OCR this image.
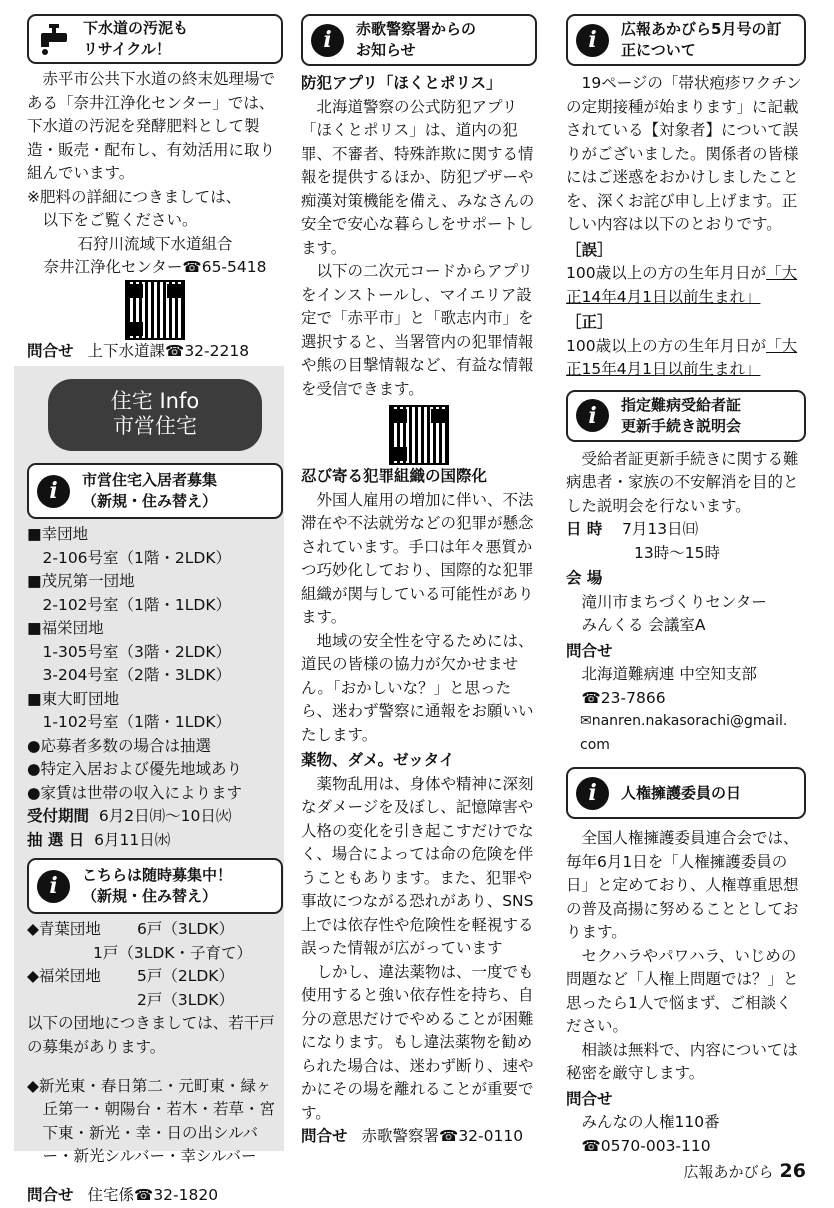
下水道の汚泥も
リサイクル！

赤平市公共下水道の終末処理場である「奈井江浄化センター」では、下水道の汚泥を発酵肥料として製造・販売・配布し、有効活用に取り組んでいます。

※肥料の詳細につきましては、

以下をご覧ください。

石狩川流域下水道組合

奈井江浄化センター☎65-5418

問合せ 上下水道課☎32-2218
住宅 Info
市営住宅
i	市営住宅入居者募集
（新規・住み替え）

■幸団地

2-106号室（1階・2LDK）

■茂尻第一団地

2-102号室（1階・1LDK）

■福栄団地

1-305号室（3階・2LDK）

3-204号室（2階・3LDK）

■東大町団地

1-102号室（1階・1LDK）

●応募者多数の場合は抽選

●特定入居および優先地域あり

●家賃は世帯の収入によります

受付期間 6月2日㈪〜10日㈫
抽 選 日 6月11日㈬
i	こちらは随時募集中！
（新規・住み替え）
◆青葉団地	6戸（3LDK）

1戸（3LDK・子育て）

◆福栄団地	5戸（2LDK）

2戸（3LDK）

以下の団地につきましては、若干戸の募集があります。

◆新光東・春日第二・元町東・緑ヶ丘第一・朝陽台・若木・若草・宮下東・新光・幸・日の出シルバー・新光シルバー・幸シルバー

問合せ 住宅係☎32-1820
i	赤歌警察署からの
お知らせ
防犯アプリ「ほくとポリス」

北海道警察の公式防犯アプリ「ほくとポリス」は、道内の犯罪、不審者、特殊詐欺に関する情報を提供するほか、防犯ブザーや痴漢対策機能を備え、みなさんの安全で安心な暮らしをサポートします。

以下の二次元コードからアプリをインストールし、マイエリア設定で「赤平市」と「歌志内市」を選択すると、当署管内の犯罪情報や熊の目撃情報など、有益な情報を受信できます。

忍び寄る犯罪組織の国際化

外国人雇用の増加に伴い、不法滞在や不法就労などの犯罪が懸念されています。手口は年々悪質かつ巧妙化しており、国際的な犯罪組織が関与している可能性があります。

地域の安全性を守るためには、道民の皆様の協力が欠かせません。「おかしいな？」と思ったら、迷わず警察に通報をお願いいたします。

薬物、ダメ。ゼッタイ

薬物乱用は、身体や精神に深刻なダメージを及ぼし、記憶障害や人格の変化を引き起こすだけでなく、場合によっては命の危険を伴うこともあります。また、犯罪や事故につながる恐れがあり、SNS上では依存性や危険性を軽視する誤った情報が広がっています

しかし、違法薬物は、一度でも使用すると強い依存性を持ち、自分の意思だけでやめることが困難になります。もし違法薬物を勧められた場合は、迷わず断り、速やかにその場を離れることが重要です。

問合せ 赤歌警察署☎32-0110
i	広報あかびら5月号の訂
正について

19ページの「帯状疱疹ワクチンの定期接種が始まります」に記載されている【対象者】について誤りがございました。関係者の皆様にはご迷惑をおかけしましたことを、深くお詫び申し上げます。正しい内容は以下のとおりです。

［誤］

100歳以上の方の生年月日が「大正14年4月1日以前生まれ」

［正］

100歳以上の方の生年月日が「大正15年4月1日以前生まれ」

i	指定難病受給者証
更新手続き説明会

受給者証更新手続きに関する難病患者・家族の不安解消を目的とした説明会を行ないます。

日 時	7月13日㈰

13時〜15時

会 場

滝川市まちづくりセンター

みんくる 会議室A

問合せ

北海道難病連 中空知支部

☎23-7866

✉nanren.nakasorachi@gmail.

com

i	人権擁護委員の日

全国人権擁護委員連合会では、毎年6月1日を「人権擁護委員の日」と定めており、人権尊重思想の普及高揚に努めることとしております。

セクハラやパワハラ、いじめの問題など「人権上問題では？」と思ったら1人で悩まず、ご相談ください。

相談は無料で、内容については秘密を厳守します。

問合せ

みんなの人権110番

☎0570-003-110

広報あかびら 26
